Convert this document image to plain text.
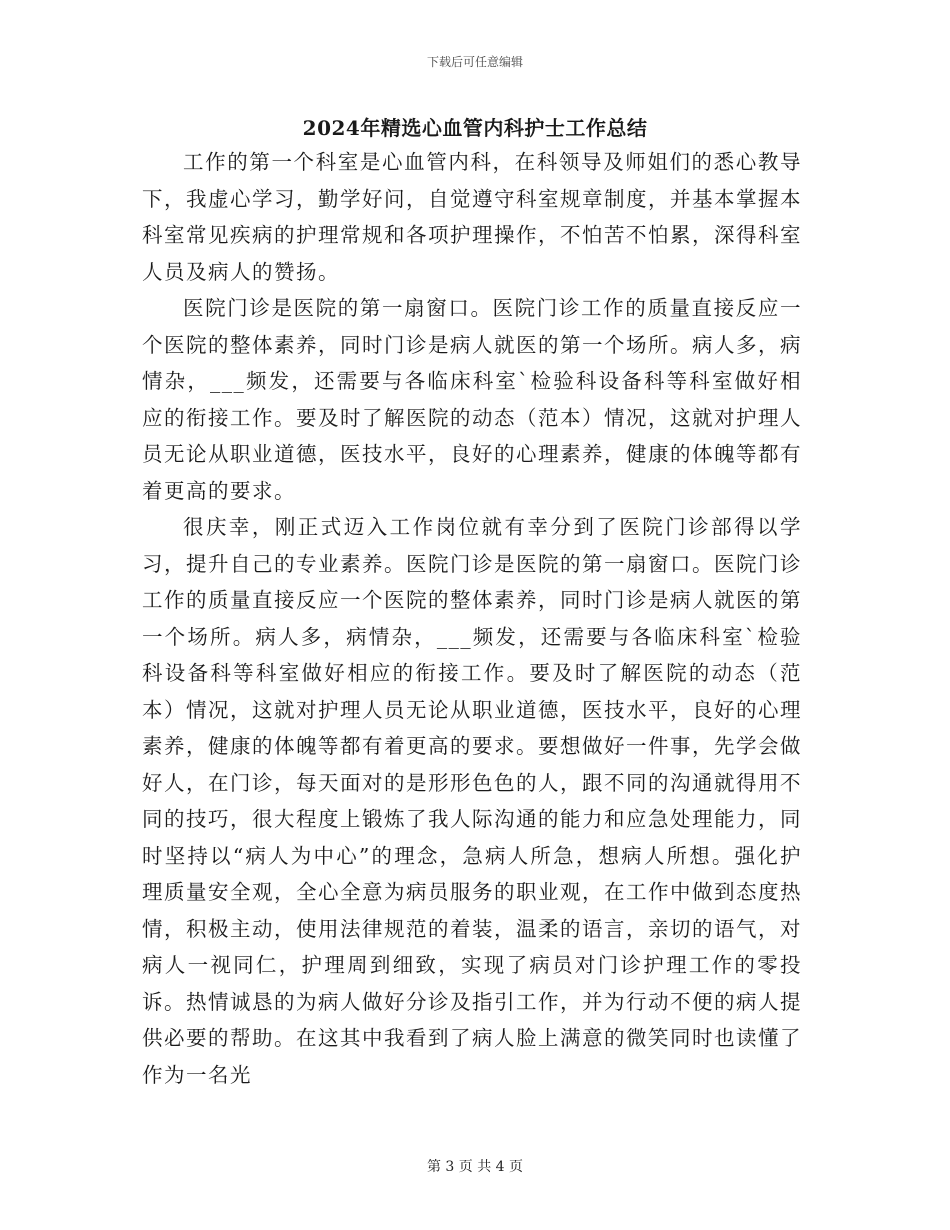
下载后可任意编辑
2024年精选心血管内科护士工作总结

工作的第一个科室是心血管内科，在科领导及师姐们的悉心教导下，我虚心学习，勤学好问，自觉遵守科室规章制度，并基本掌握本科室常见疾病的护理常规和各项护理操作，不怕苦不怕累，深得科室人员及病人的赞扬。

医院门诊是医院的第一扇窗口。医院门诊工作的质量直接反应一个医院的整体素养，同时门诊是病人就医的第一个场所。病人多，病情杂，___频发，还需要与各临床科室`检验科设备科等科室做好相应的衔接工作。要及时了解医院的动态（范本）情况，这就对护理人员无论从职业道德，医技水平，良好的心理素养，健康的体魄等都有着更高的要求。

很庆幸，刚正式迈入工作岗位就有幸分到了医院门诊部得以学习，提升自己的专业素养。医院门诊是医院的第一扇窗口。医院门诊工作的质量直接反应一个医院的整体素养，同时门诊是病人就医的第一个场所。病人多，病情杂，___频发，还需要与各临床科室`检验科设备科等科室做好相应的衔接工作。要及时了解医院的动态（范本）情况，这就对护理人员无论从职业道德，医技水平，良好的心理素养，健康的体魄等都有着更高的要求。要想做好一件事，先学会做好人，在门诊，每天面对的是形形色色的人，跟不同的沟通就得用不同的技巧，很大程度上锻炼了我人际沟通的能力和应急处理能力，同时坚持以“病人为中心”的理念，急病人所急，想病人所想。强化护理质量安全观，全心全意为病员服务的职业观，在工作中做到态度热情，积极主动，使用法律规范的着装，温柔的语言，亲切的语气，对病人一视同仁，护理周到细致，实现了病员对门诊护理工作的零投诉。热情诚恳的为病人做好分诊及指引工作，并为行动不便的病人提供必要的帮助。在这其中我看到了病人脸上满意的微笑同时也读懂了作为一名光

第 3 页 共 4 页
